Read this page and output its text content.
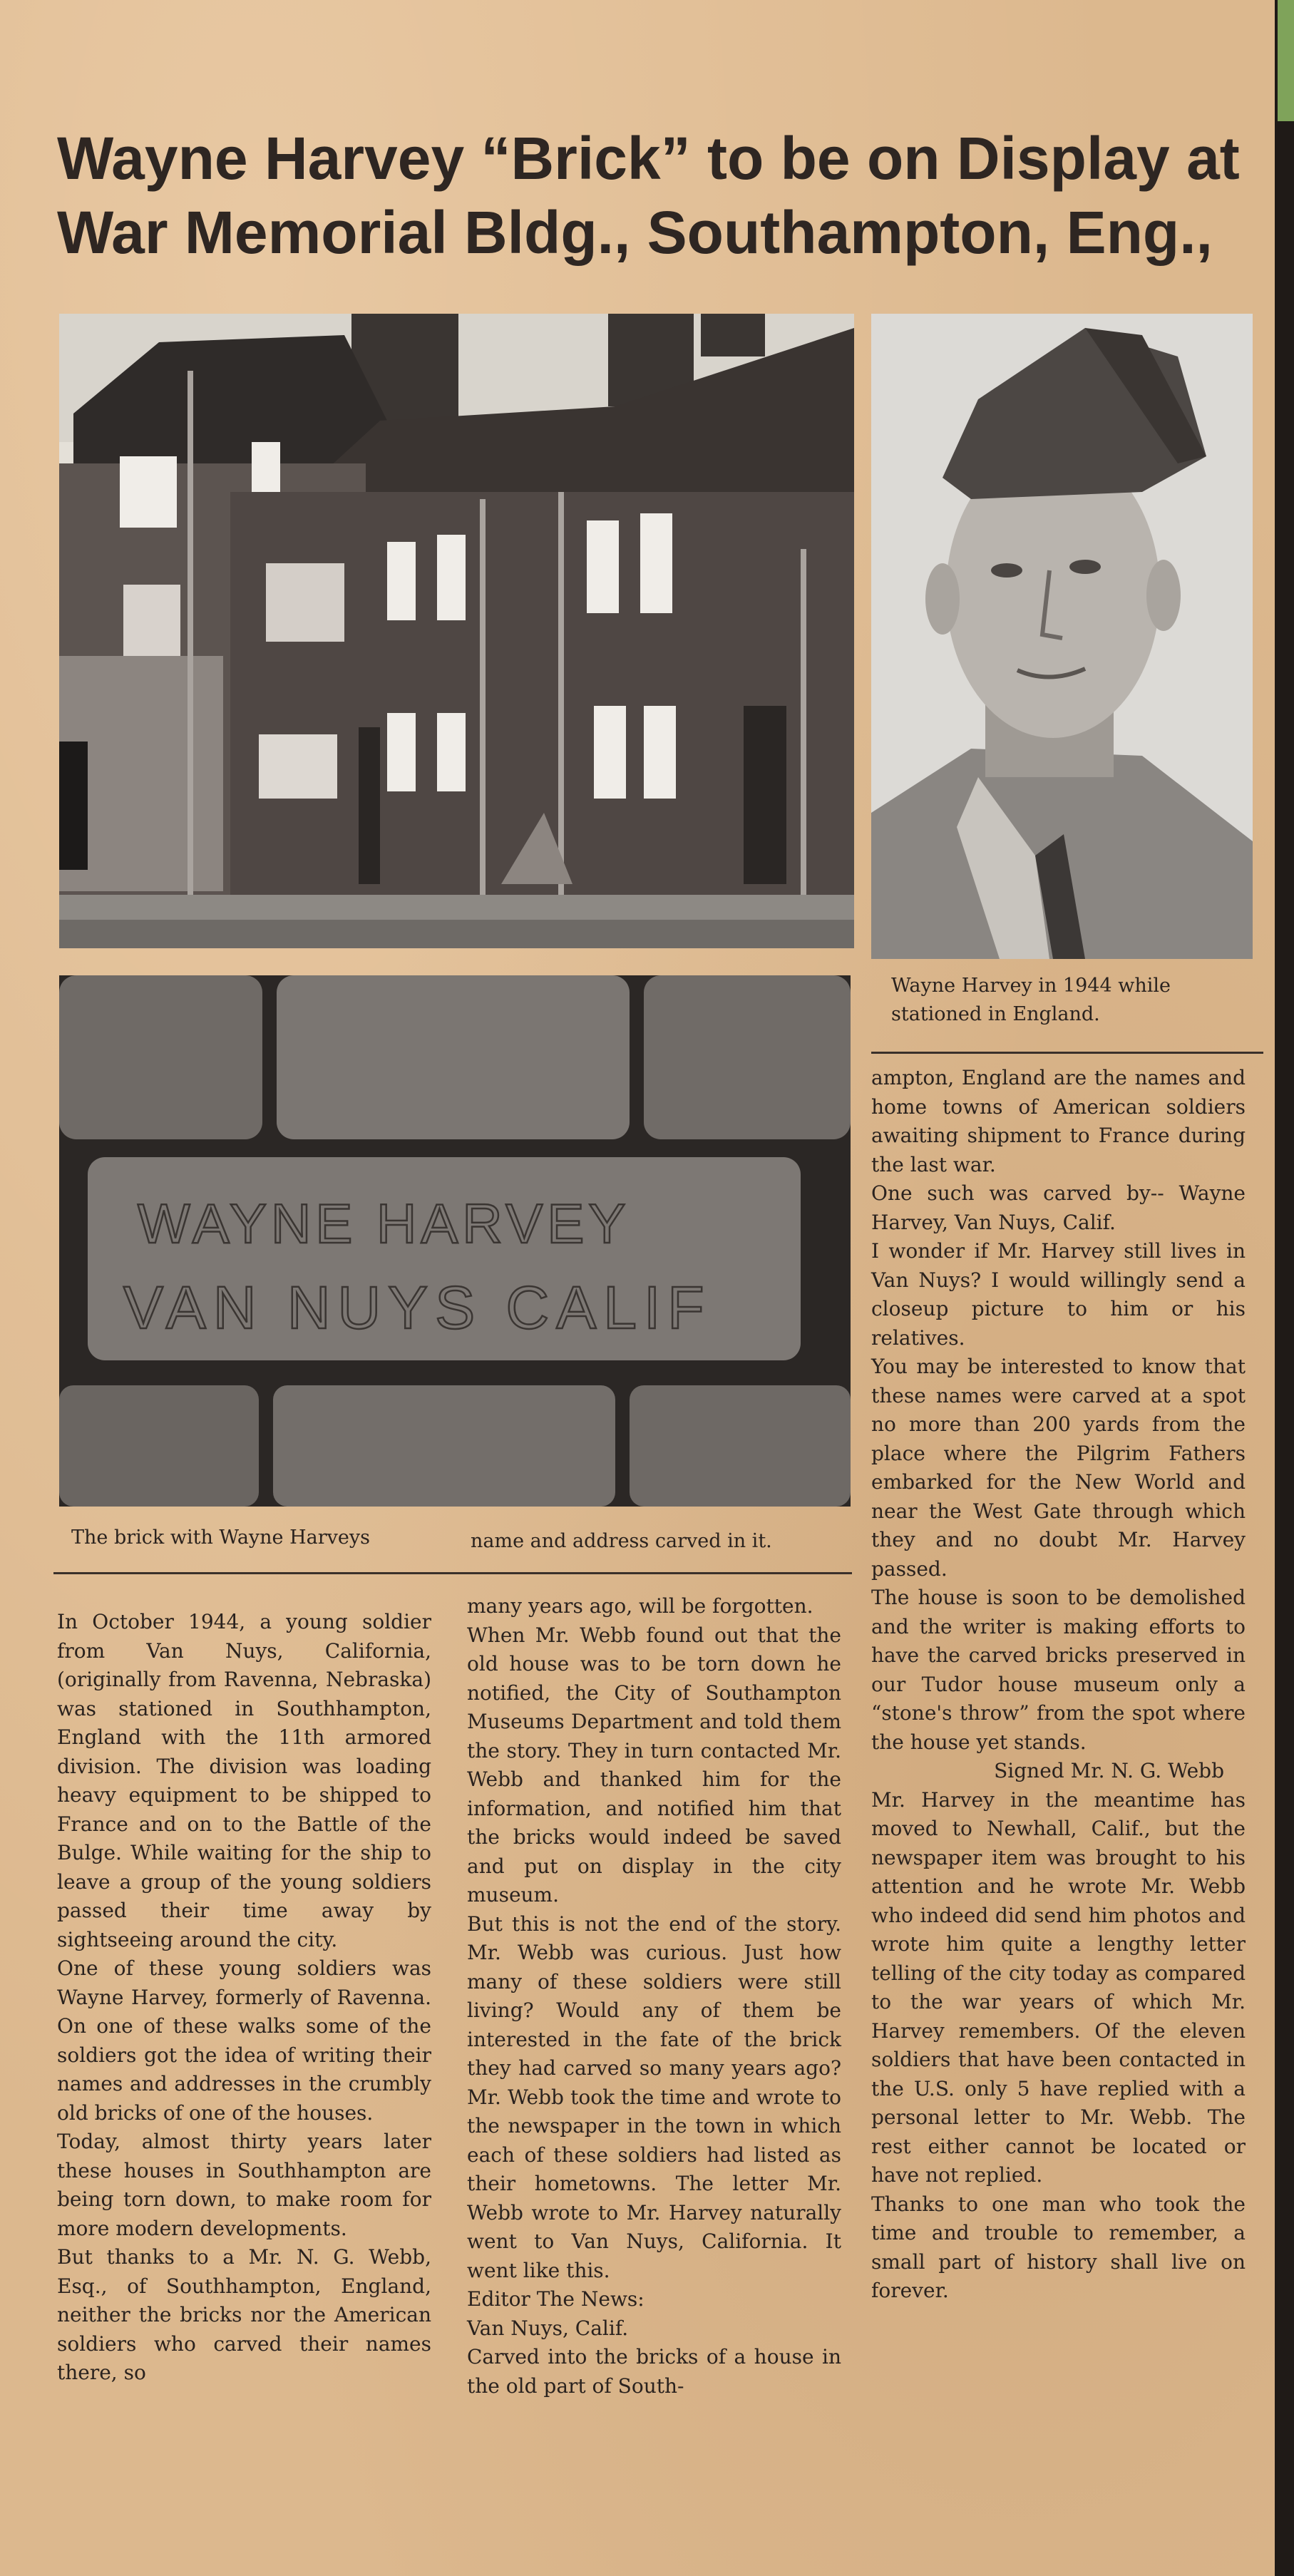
Wayne Harvey “Brick” to be on Display at
War Memorial Bldg., Southampton, Eng.,
WAYNE HARVEY
VAN NUYS CALIF
Wayne Harvey in 1944 while
stationed in England.
The brick with Wayne Harveys	name and address carved in it.

In October 1944, a young soldier from Van Nuys, California, (originally from Ravenna, Nebraska) was stationed in Southhampton, England with the 11th armored division. The division was loading heavy equipment to be shipped to France and on to the Battle of the Bulge. While waiting for the ship to leave a group of the young soldiers passed their time away by sightseeing around the city.

One of these young soldiers was Wayne Harvey, formerly of Ravenna. On one of these walks some of the soldiers got the idea of writing their names and addresses in the crumbly old bricks of one of the houses.

Today, almost thirty years later these houses in Southhampton are being torn down, to make room for more modern developments.

But thanks to a Mr. N. G. Webb, Esq., of Southhampton, England, neither the bricks nor the American soldiers who carved their names there, so

many years ago, will be forgotten.

When Mr. Webb found out that the old house was to be torn down he notified, the City of Southampton Museums Department and told them the story. They in turn contacted Mr. Webb and thanked him for the information, and notified him that the bricks would indeed be saved and put on display in the city museum.

But this is not the end of the story. Mr. Webb was curious. Just how many of these soldiers were still living? Would any of them be interested in the fate of the brick they had carved so many years ago? Mr. Webb took the time and wrote to the newspaper in the town in which each of these soldiers had listed as their hometowns. The letter Mr. Webb wrote to Mr. Harvey naturally went to Van Nuys, California. It went like this.

Editor The News:

Van Nuys, Calif.

Carved into the bricks of a house in the old part of South-

ampton, England are the names and home towns of American soldiers awaiting shipment to France during the last war.

One such was carved by-- Wayne Harvey, Van Nuys, Calif.

I wonder if Mr. Harvey still lives in Van Nuys? I would willingly send a closeup picture to him or his relatives.

You may be interested to know that these names were carved at a spot no more than 200 yards from the place where the Pilgrim Fathers embarked for the New World and near the West Gate through which they and no doubt Mr. Harvey passed.

The house is soon to be demolished and the writer is making efforts to have the carved bricks preserved in our Tudor house museum only a “stone's throw” from the spot where the house yet stands.

Signed Mr. N. G. Webb

Mr. Harvey in the meantime has moved to Newhall, Calif., but the newspaper item was brought to his attention and he wrote Mr. Webb who indeed did send him photos and wrote him quite a lengthy letter telling of the city today as compared to the war years of which Mr. Harvey remembers. Of the eleven soldiers that have been contacted in the U.S. only 5 have replied with a personal letter to Mr. Webb. The rest either cannot be located or have not replied.

Thanks to one man who took the time and trouble to remember, a small part of history shall live on forever.
